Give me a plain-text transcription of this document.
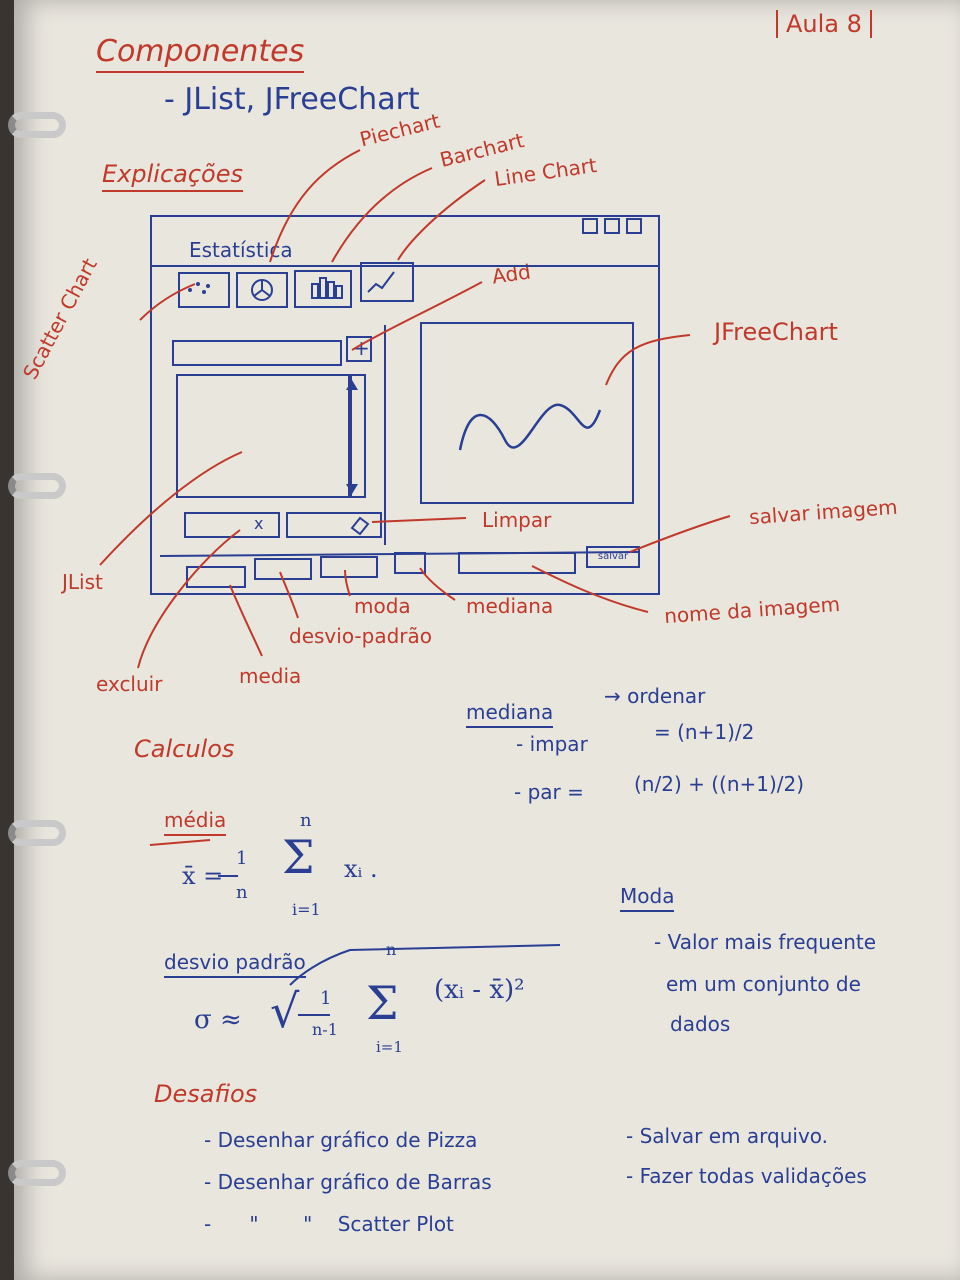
Aula 8
Componentes
- JList, JFreeChart
Explicações
Piechart
Barchart
Line Chart
Add
Scatter Chart	JFreeChart
JList
Limpar	salvar imagem
excluir	media
desvio-padrão
moda	mediana	nome da imagem
Estatística
+
x
salvar
Calculos
média
x̄ =
1
n
n
Σ
i=1
xᵢ .
desvio padrão
σ ≈ √ 1
n-1
n
Σ
i=1
(xᵢ - x̄)²
mediana
→ ordenar
- impar	= (n+1)/2
- par =	(n/2) + ((n+1)/2)
Moda
- Valor mais frequente
em um conjunto de
dados
Desafios
- Desenhar gráfico de Pizza
- Desenhar gráfico de Barras
-      "       "    Scatter Plot
- Salvar em arquivo.
- Fazer todas validações
